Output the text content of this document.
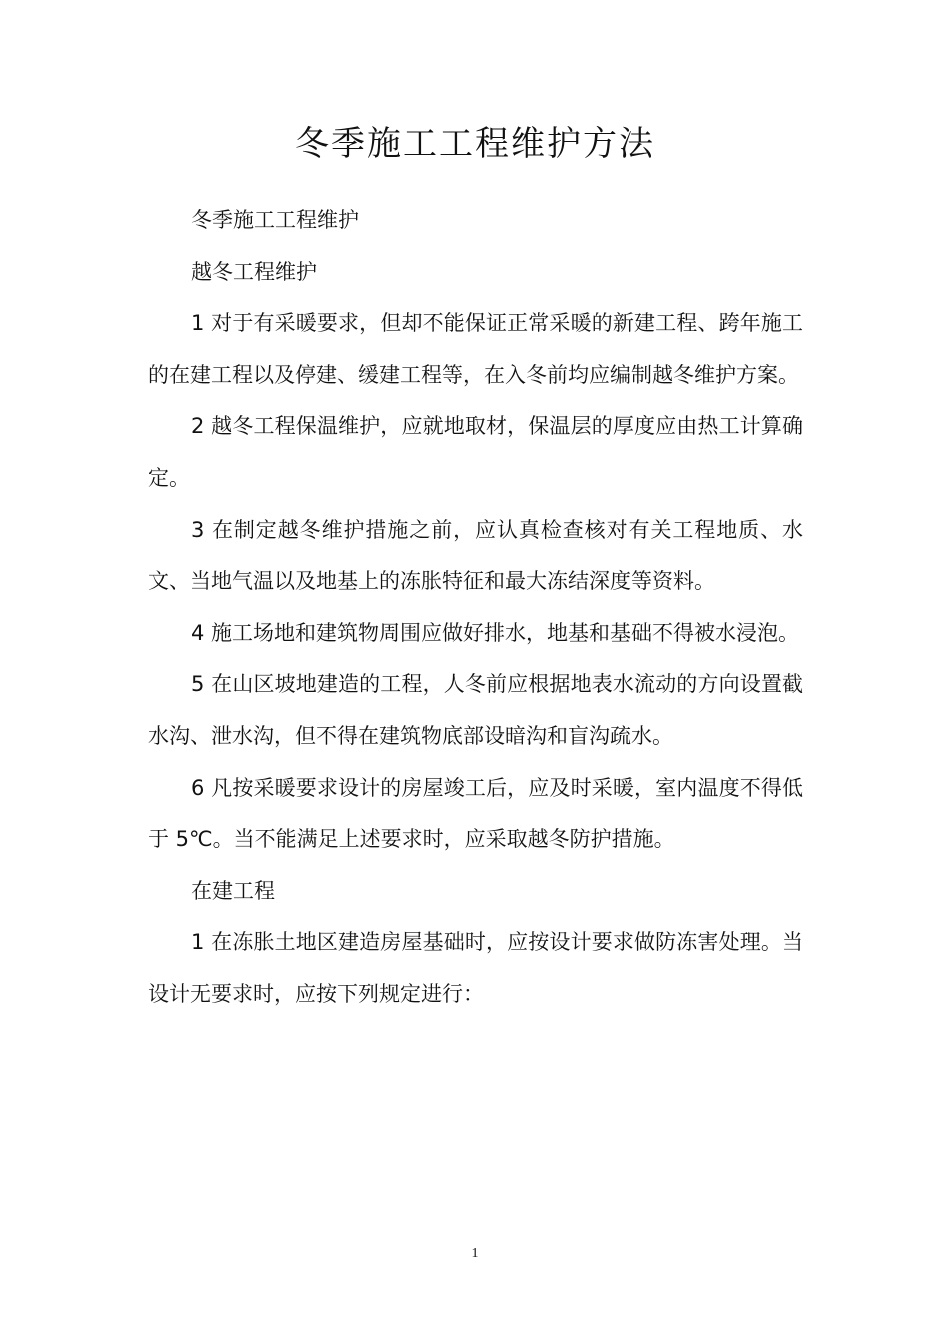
冬季施工工程维护方法

冬季施工工程维护

越冬工程维护

1 对于有采暖要求，但却不能保证正常采暖的新建工程、跨年施工的在建工程以及停建、缓建工程等，在入冬前均应编制越冬维护方案。

2 越冬工程保温维护，应就地取材，保温层的厚度应由热工计算确定。

3 在制定越冬维护措施之前，应认真检查核对有关工程地质、水文、当地气温以及地基上的冻胀特征和最大冻结深度等资料。

4 施工场地和建筑物周围应做好排水，地基和基础不得被水浸泡。

5 在山区坡地建造的工程，人冬前应根据地表水流动的方向设置截水沟、泄水沟，但不得在建筑物底部设暗沟和盲沟疏水。

6 凡按采暖要求设计的房屋竣工后，应及时采暖，室内温度不得低于 5℃。当不能满足上述要求时，应采取越冬防护措施。

在建工程

1 在冻胀土地区建造房屋基础时，应按设计要求做防冻害处理。当设计无要求时，应按下列规定进行：

1
